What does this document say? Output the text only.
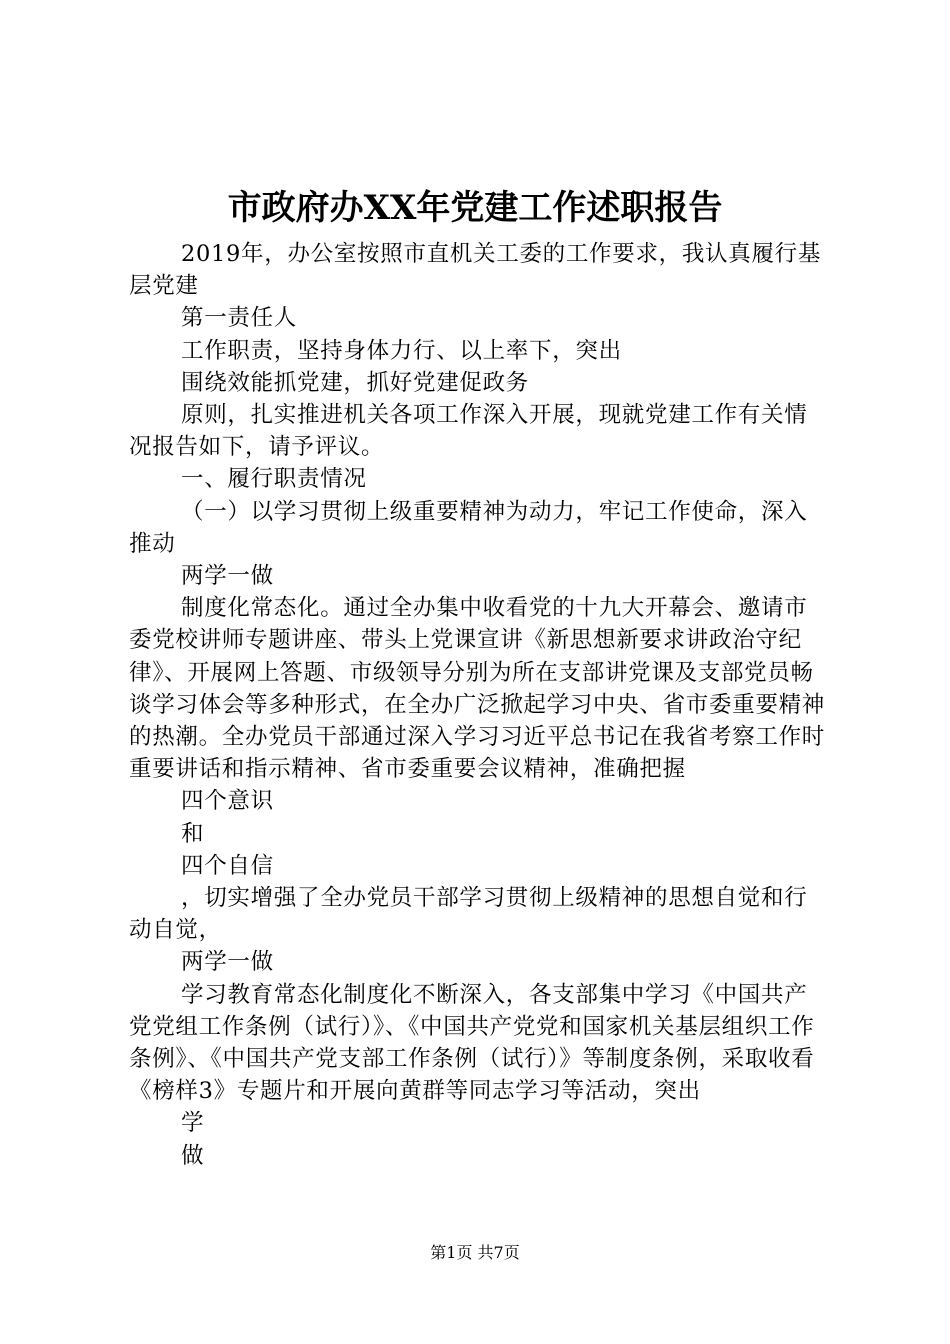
市政府办XX年党建工作述职报告

2019年，办公室按照市直机关工委的工作要求，我认真履行基层党建

第一责任人

工作职责，坚持身体力行、以上率下，突出

围绕效能抓党建，抓好党建促政务

原则，扎实推进机关各项工作深入开展，现就党建工作有关情况报告如下，请予评议。

一、履行职责情况

（一）以学习贯彻上级重要精神为动力，牢记工作使命，深入推动

两学一做

制度化常态化。通过全办集中收看党的十九大开幕会、邀请市委党校讲师专题讲座、带头上党课宣讲《新思想新要求讲政治守纪律》、开展网上答题、市级领导分别为所在支部讲党课及支部党员畅谈学习体会等多种形式，在全办广泛掀起学习中央、省市委重要精神的热潮。全办党员干部通过深入学习习近平总书记在我省考察工作时重要讲话和指示精神、省市委重要会议精神，准确把握

四个意识

和

四个自信

，切实增强了全办党员干部学习贯彻上级精神的思想自觉和行动自觉，

两学一做

学习教育常态化制度化不断深入，各支部集中学习《中国共产党党组工作条例（试行）》、《中国共产党党和国家机关基层组织工作条例》、《中国共产党支部工作条例（试行）》等制度条例，采取收看《榜样3》专题片和开展向黄群等同志学习等活动，突出

学

做

第1页 共7页
